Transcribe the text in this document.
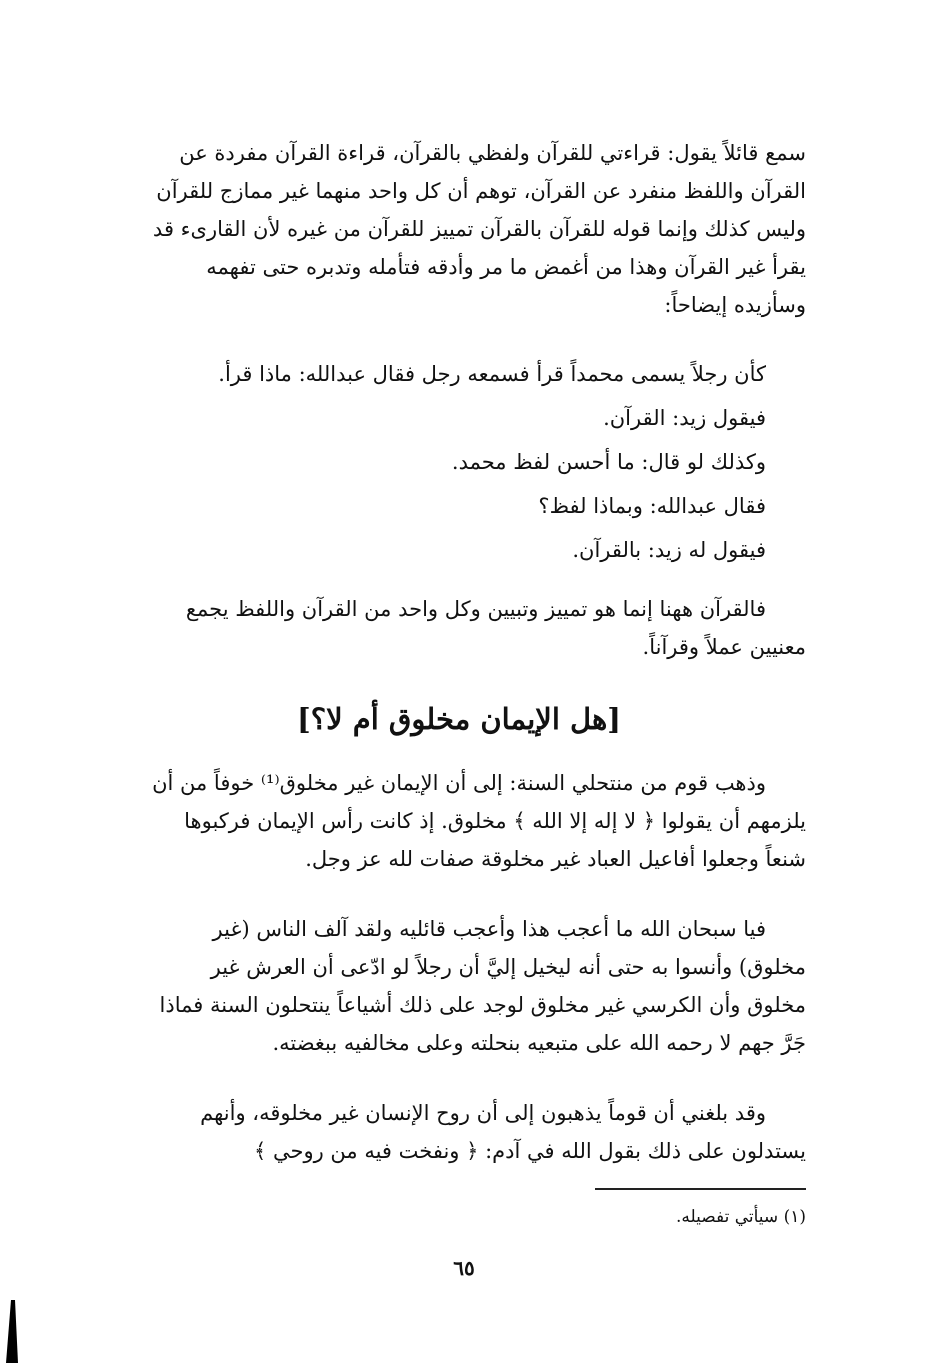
سمع قائلاً يقول: قراءتي للقرآن ولفظي بالقرآن، قراءة القرآن مفردة عن
القرآن واللفظ منفرد عن القرآن، توهم أن كل واحد منهما غير ممازج للقرآن
وليس كذلك وإنما قوله للقرآن بالقرآن تمييز للقرآن من غيره لأن القارىء قد
يقرأ غير القرآن وهذا من أغمض ما مر وأدقه فتأمله وتدبره حتى تفهمه
وسأزيده إيضاحاً:
كأن رجلاً يسمى محمداً قرأ فسمعه رجل فقال عبدالله: ماذا قرأ.
فيقول زيد: القرآن.
وكذلك لو قال: ما أحسن لفظ محمد.
فقال عبدالله: وبماذا لفظ؟
فيقول له زيد: بالقرآن.
فالقرآن ههنا إنما هو تمييز وتبيين وكل واحد من القرآن واللفظ يجمع
معنيين عملاً وقرآناً.
[هل الإيمان مخلوق أم لا؟]
وذهب قوم من منتحلي السنة: إلى أن الإيمان غير مخلوق⁽¹⁾ خوفاً من أن
يلزمهم أن يقولوا ﴿ لا إله إلا الله ﴾ مخلوق. إذ كانت رأس الإيمان فركبوها
شنعاً وجعلوا أفاعيل العباد غير مخلوقة صفات لله عز وجل.
فيا سبحان الله ما أعجب هذا وأعجب قائليه ولقد آلف الناس (غير
مخلوق) وأنسوا به حتى أنه ليخيل إليَّ أن رجلاً لو ادّعى أن العرش غير
مخلوق وأن الكرسي غير مخلوق لوجد على ذلك أشياعاً ينتحلون السنة فماذا
جَرَّ جهم لا رحمه الله على متبعيه بنحلته وعلى مخالفيه ببغضته.
وقد بلغني أن قوماً يذهبون إلى أن روح الإنسان غير مخلوقه، وأنهم
يستدلون على ذلك بقول الله في آدم: ﴿ ونفخت فيه من روحي ﴾
(١) سيأتي تفصيله.
٦٥
